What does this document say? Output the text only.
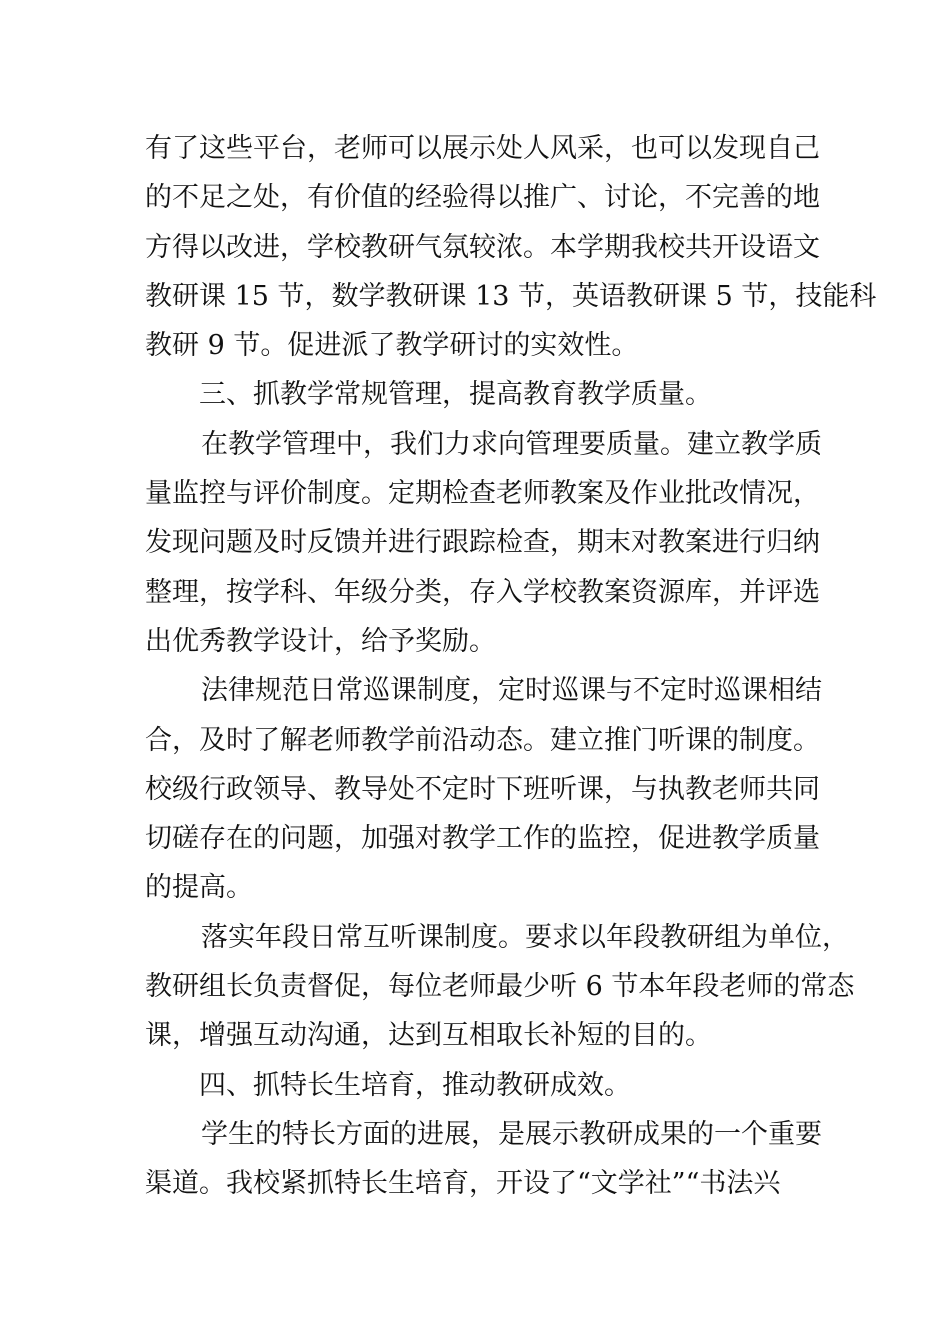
有了这些平台，老师可以展示处人风采，也可以发现自己
的不足之处，有价值的经验得以推广、讨论，不完善的地
方得以改进，学校教研气氛较浓。本学期我校共开设语文
教研课 15 节，数学教研课 13 节，英语教研课 5 节，技能科
教研 9 节。促进派了教学研讨的实效性。
三、抓教学常规管理，提高教育教学质量。
在教学管理中，我们力求向管理要质量。建立教学质
量监控与评价制度。定期检查老师教案及作业批改情况，
发现问题及时反馈并进行跟踪检查，期末对教案进行归纳
整理，按学科、年级分类，存入学校教案资源库，并评选
出优秀教学设计，给予奖励。
法律规范日常巡课制度，定时巡课与不定时巡课相结
合，及时了解老师教学前沿动态。建立推门听课的制度。
校级行政领导、教导处不定时下班听课，与执教老师共同
切磋存在的问题，加强对教学工作的监控，促进教学质量
的提高。
落实年段日常互听课制度。要求以年段教研组为单位，
教研组长负责督促，每位老师最少听 6 节本年段老师的常态
课，增强互动沟通，达到互相取长补短的目的。
四、抓特长生培育，推动教研成效。
学生的特长方面的进展，是展示教研成果的一个重要
渠道。我校紧抓特长生培育，开设了“文学社”“书法兴
